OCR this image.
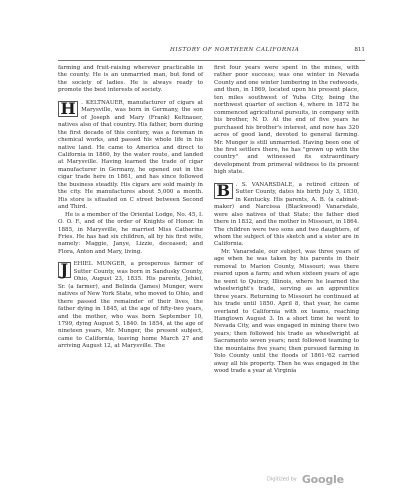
HISTORY OF NORTHERN CALIFORNIA	811

farming and fruit-raising wherever practicable in the county. He is an unmarried man, but fond of the society of ladies. He is always ready to promote the best interests of society.

H . KELTNAUER, manufacturer of cigars at Marysville, was born in Germany, the son of Joseph and Mary (Frank) Keltnauer, natives also of that country. His father, born during the first decade of this century, was a foreman in chemical works, and passed his whole life in his native land. He came to America and direct to California in 1860, by the water route, and landed at Marysville. Having learned the trade of cigar manufacturer in Germany, he opened out in the cigar trade here in 1861, and has since followed the business steadily. His cigars are sold mainly in the city. He manufactures about 5,000 a month. His store is situated on C street between Second and Third.

He is a member of the Oriental Lodge, No. 45, I. O. O. F., and of the order of Knights of Honor. In 1885, in Marysville, he married Miss Catherine Fries. He has had six children, all by his first wife, namely: Maggie, Janye, Lizzie, deceased; and Flora, Anton and Mary, living.

J EHIEL MUNGER, a prosperous farmer of Sutter County, was born in Sandusky County, Ohio, August 23, 1835. His parents, Jehiel, Sr. (a farmer), and Belinda (James) Munger, were natives of New York State, who moved to Ohio, and there passed the remainder of their lives, the father dying in 1845, at the age of fifty-two years, and the mother, who was born September 10, 1799, dying August 5, 1840. In 1854, at the age of nineteen years, Mr. Munger, the present subject, came to California, leaving home March 27 and arriving August 12, at Marysville. The

first four years were spent in the mines, with rather poor success; was one winter in Nevada County and one winter lumbering in the redwoods, and then, in 1869, located upon his present place, ten miles southwest of Yuba City, being the northwest quarter of section 4, where in 1872 he commenced agricultural pursuits, in company with his brother, N. D. At the end of five years he purchased his brother's interest, and now has 320 acres of good land, devoted to general farming. Mr. Munger is still unmarried. Having been one of the first settlers there, he has "grown up with the country" and witnessed its extraordinary development from primeval wildness to its present high state.

B . S. VANARSDALE, a retired citizen of Sutter County, dates his birth July 3, 1830, in Kentucky. His parents, A. B. (a cabinet-maker) and Narcissa (Blackwood) Vanarsdale, were also natives of that State; the father died there in 1832, and the mother in Missouri, in 1864. The children were two sons and two daughters, of whom the subject of this sketch and a sister are in California.

Mr. Vanarsdale, our subject, was three years of age when he was taken by his parents in their removal to Marion County, Missouri; was there reared upon a farm; and when sixteen years of age he went to Quincy, Illinois, where he learned the wheelwright's trade, serving as an apprentice three years. Returning to Missouri he continued at his trade until 1850. April 8, that year, he came overland to California with ox teams, reaching Hangtown August 3. In a short time he went to Nevada City, and was engaged in mining there two years; then followed his trade as wheelwright at Sacramento seven years; next followed teaming to the mountains five years; then pursued farming in Yolo County until the floods of 1861-'62 carried away all his property. Then he was engaged in the wood trade a year at Virginia

Digitized by Google
